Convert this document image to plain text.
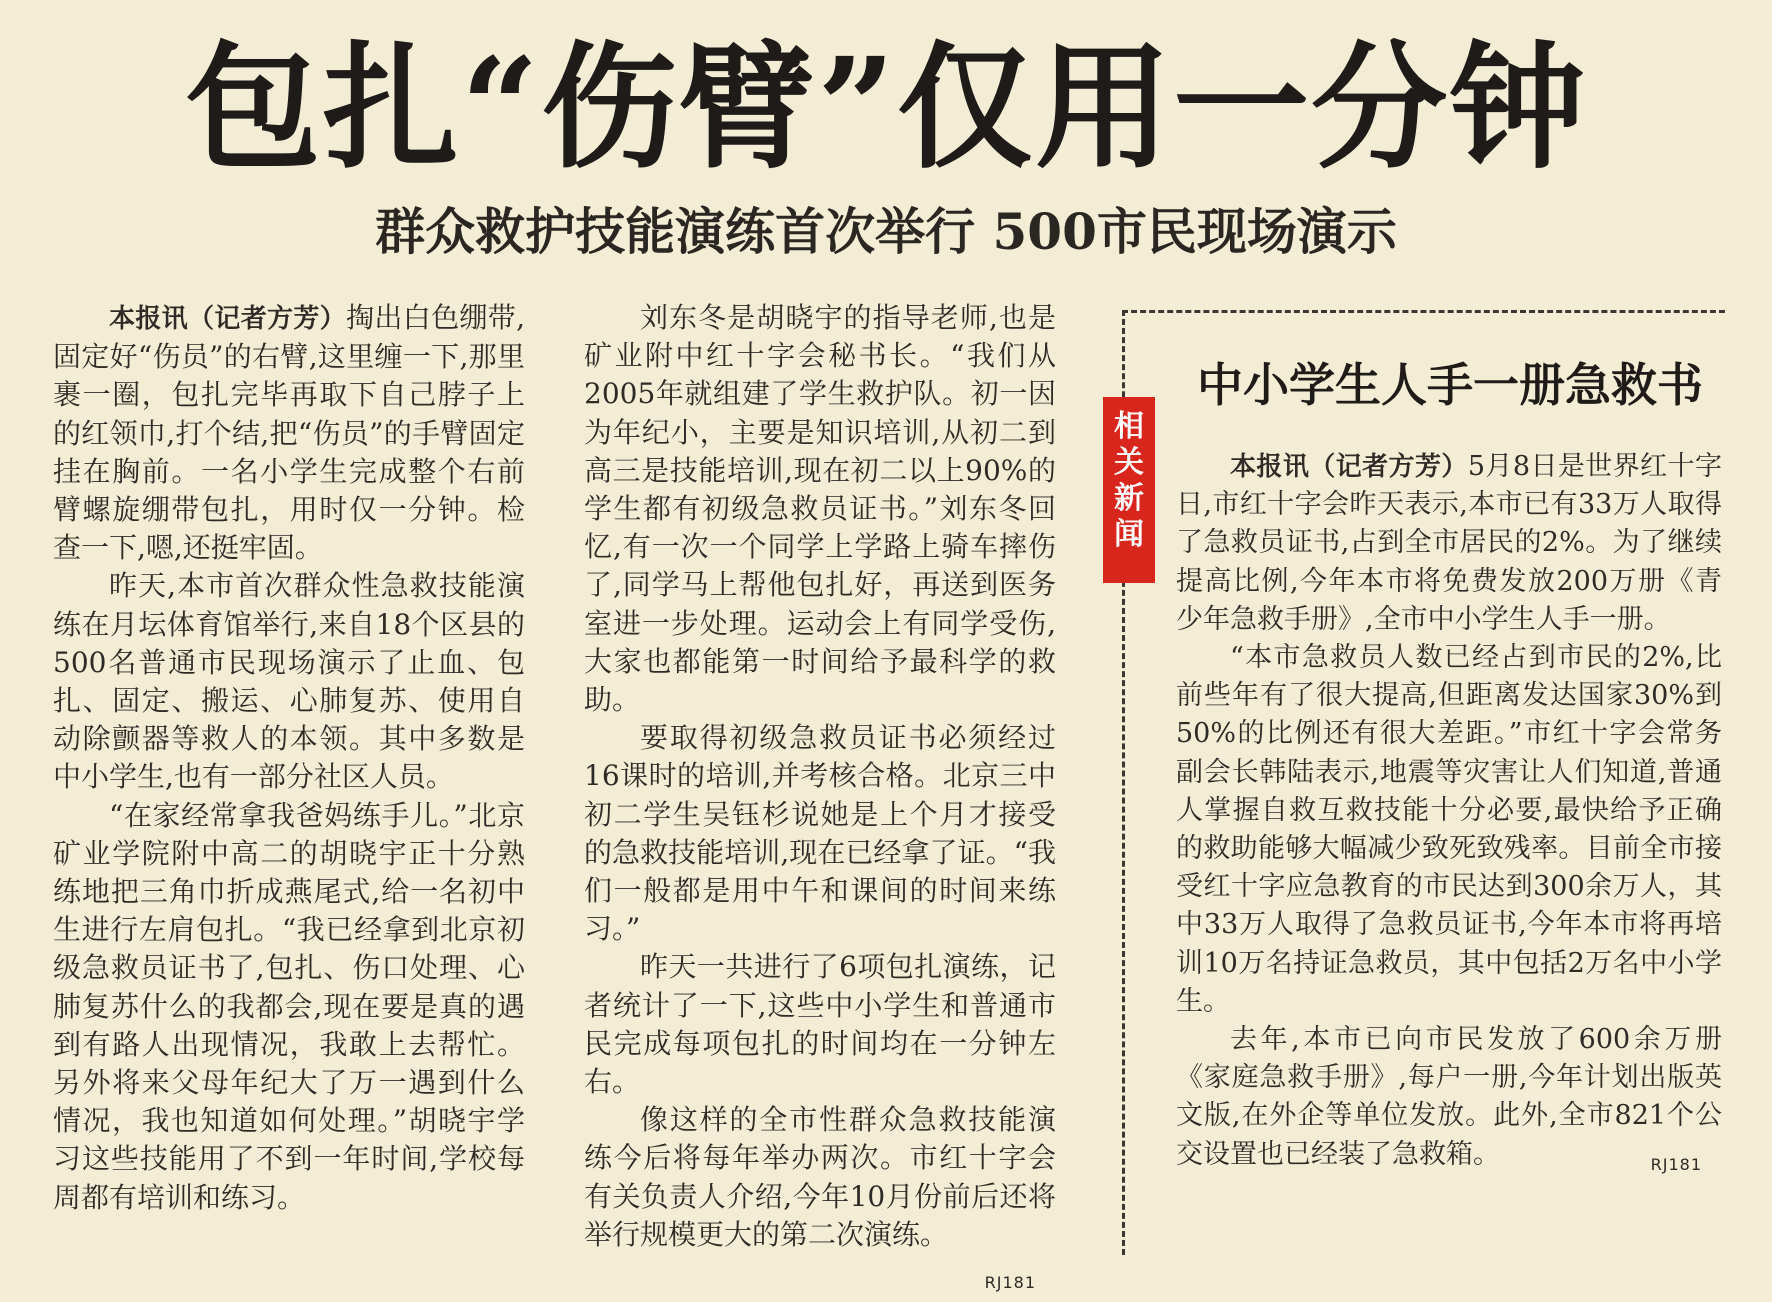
包扎“伤臂”仅用一分钟
群众救护技能演练首次举行 500市民现场演示

本报讯（记者方芳）掏出白色绷带,固定好“伤员”的右臂,这里缠一下,那里裹一圈，包扎完毕再取下自己脖子上的红领巾,打个结,把“伤员”的手臂固定挂在胸前。一名小学生完成整个右前臂螺旋绷带包扎，用时仅一分钟。检查一下,嗯,还挺牢固。

昨天,本市首次群众性急救技能演练在月坛体育馆举行,来自18个区县的500名普通市民现场演示了止血、包扎、固定、搬运、心肺复苏、使用自动除颤器等救人的本领。其中多数是中小学生,也有一部分社区人员。

“在家经常拿我爸妈练手儿。”北京矿业学院附中高二的胡晓宇正十分熟练地把三角巾折成燕尾式,给一名初中生进行左肩包扎。“我已经拿到北京初级急救员证书了,包扎、伤口处理、心肺复苏什么的我都会,现在要是真的遇到有路人出现情况，我敢上去帮忙。另外将来父母年纪大了万一遇到什么情况，我也知道如何处理。”胡晓宇学习这些技能用了不到一年时间,学校每周都有培训和练习。

刘东冬是胡晓宇的指导老师,也是矿业附中红十字会秘书长。“我们从2005年就组建了学生救护队。初一因为年纪小，主要是知识培训,从初二到高三是技能培训,现在初二以上90%的学生都有初级急救员证书。”刘东冬回忆,有一次一个同学上学路上骑车摔伤了,同学马上帮他包扎好，再送到医务室进一步处理。运动会上有同学受伤,大家也都能第一时间给予最科学的救助。

要取得初级急救员证书必须经过16课时的培训,并考核合格。北京三中初二学生吴钰杉说她是上个月才接受的急救技能培训,现在已经拿了证。“我们一般都是用中午和课间的时间来练习。”

昨天一共进行了6项包扎演练，记者统计了一下,这些中小学生和普通市民完成每项包扎的时间均在一分钟左右。

像这样的全市性群众急救技能演练今后将每年举办两次。市红十字会有关负责人介绍,今年10月份前后还将举行规模更大的第二次演练。
RJ181

相
关
新
闻
中小学生人手一册急救书

本报讯（记者方芳）5月8日是世界红十字日,市红十字会昨天表示,本市已有33万人取得了急救员证书,占到全市居民的2%。为了继续提高比例,今年本市将免费发放200万册《青少年急救手册》,全市中小学生人手一册。

“本市急救员人数已经占到市民的2%,比前些年有了很大提高,但距离发达国家30%到50%的比例还有很大差距。”市红十字会常务副会长韩陆表示,地震等灾害让人们知道,普通人掌握自救互救技能十分必要,最快给予正确的救助能够大幅减少致死致残率。目前全市接受红十字应急教育的市民达到300余万人，其中33万人取得了急救员证书,今年本市将再培训10万名持证急救员，其中包括2万名中小学生。

去年,本市已向市民发放了600余万册《家庭急救手册》,每户一册,今年计划出版英文版,在外企等单位发放。此外,全市821个公交设置也已经装了急救箱。	RJ181
